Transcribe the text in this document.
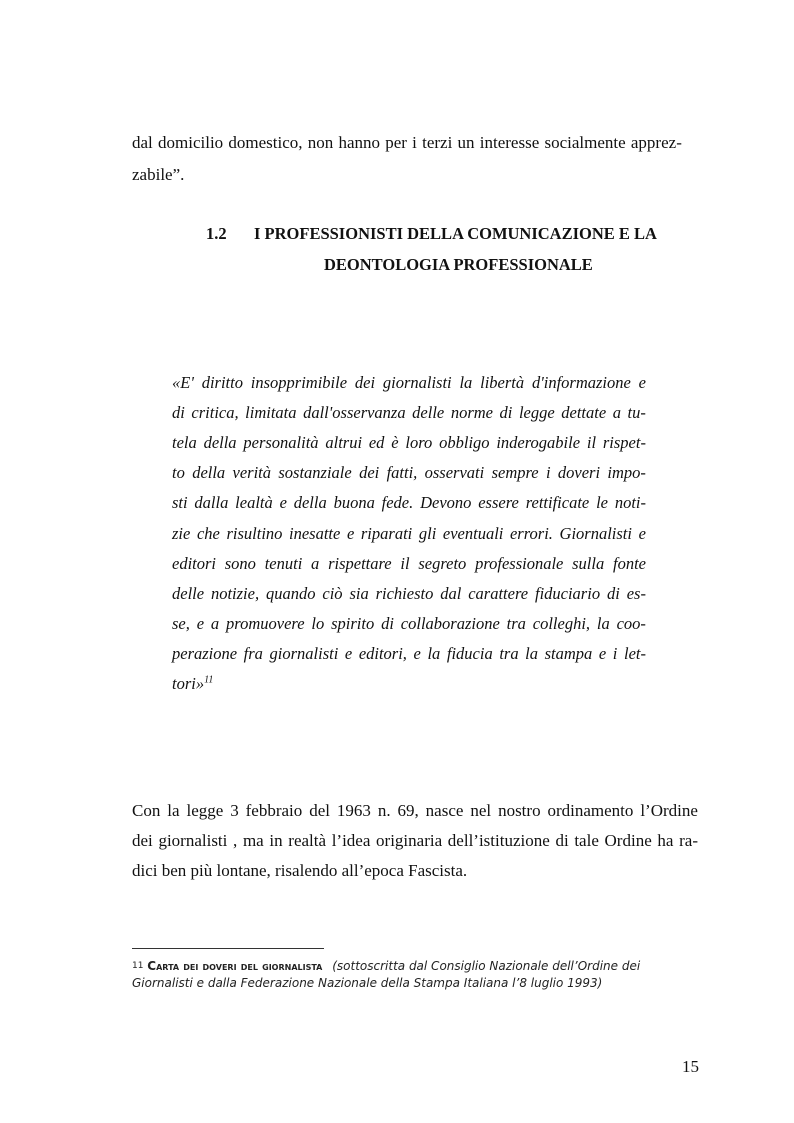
dal domicilio domestico, non hanno per i terzi un interesse socialmente apprez-
zabile”.
1.2 I PROFESSIONISTI DELLA COMUNICAZIONE E LA
DEONTOLOGIA PROFESSIONALE
«E' diritto insopprimibile dei giornalisti la libertà d'informazione e
di critica, limitata dall'osservanza delle norme di legge dettate a tu-
tela della personalità altrui ed è loro obbligo inderogabile il rispet-
to della verità sostanziale dei fatti, osservati sempre i doveri impo-
sti dalla lealtà e della buona fede. Devono essere rettificate le noti-
zie che risultino inesatte e riparati gli eventuali errori. Giornalisti e
editori sono tenuti a rispettare il segreto professionale sulla fonte
delle notizie, quando ciò sia richiesto dal carattere fiduciario di es-
se, e a promuovere lo spirito di collaborazione tra colleghi, la coo-
perazione fra giornalisti e editori, e la fiducia tra la stampa e i let-
tori»$^{11}$
Con la legge 3 febbraio del 1963 n. 69, nasce nel nostro ordinamento l’Ordine
dei giornalisti , ma in realtà l’idea originaria dell’istituzione di tale Ordine ha ra-
dici ben più lontane, risalendo all’epoca Fascista.
11 Carta dei doveri del giornalista (sottoscritta dal Consiglio Nazionale dell’Ordine dei
Giornalisti e dalla Federazione Nazionale della Stampa Italiana l’8 luglio 1993)
15
